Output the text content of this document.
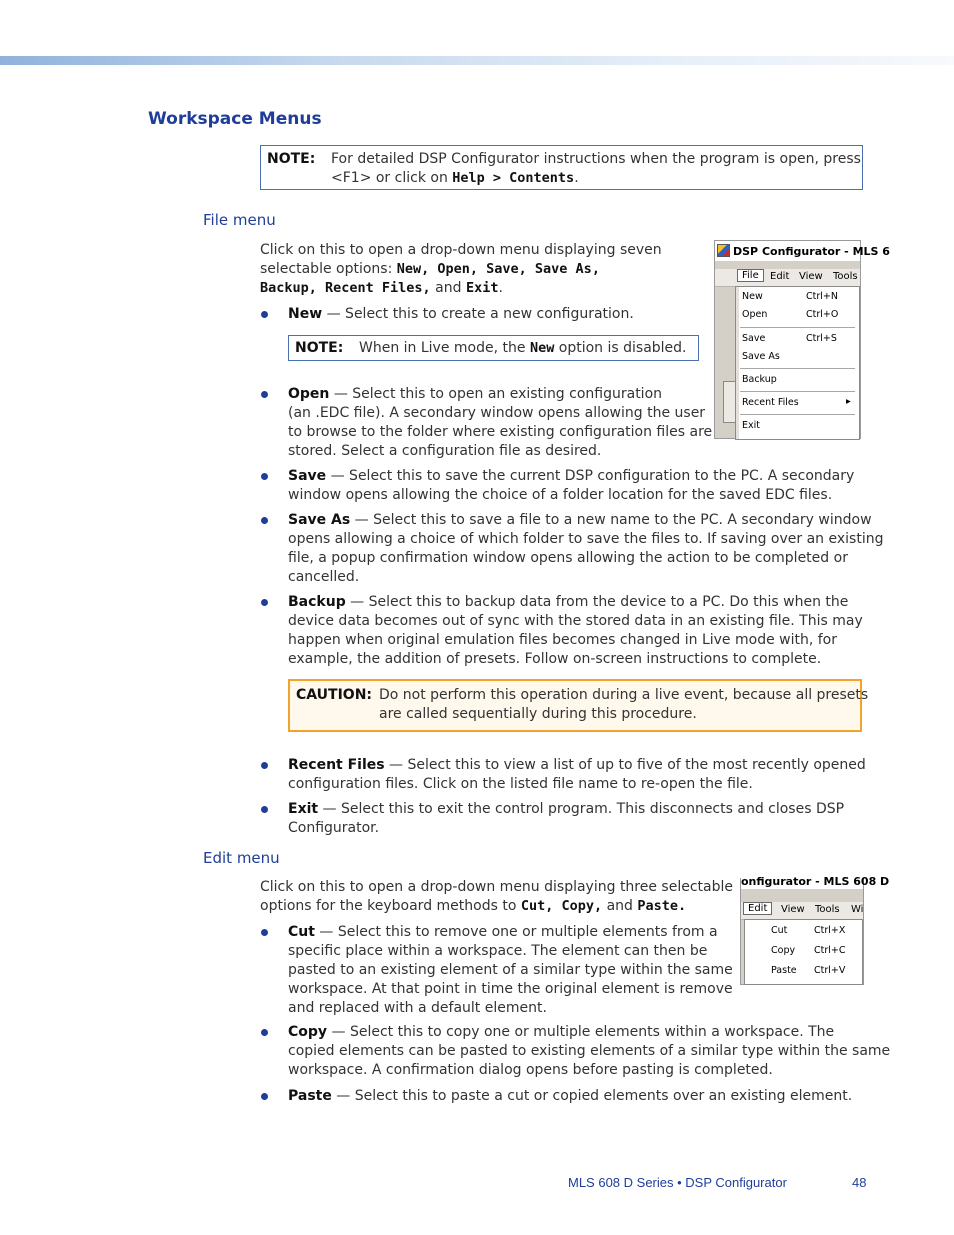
Workspace Menus
NOTE: For detailed DSP Configurator instructions when the program is open, press
<F1> or click on Help > Contents.
File menu
Click on this to open a drop-down menu displaying seven
selectable options: New, Open, Save, Save As,
Backup, Recent Files, and Exit.
New — Select this to create a new configuration.
NOTE: When in Live mode, the New option is disabled.
Open — Select this to open an existing configuration
(an .EDC file). A secondary window opens allowing the user
to browse to the folder where existing configuration files are
stored. Select a configuration file as desired.
Save — Select this to save the current DSP configuration to the PC. A secondary
window opens allowing the choice of a folder location for the saved EDC files.
Save As — Select this to save a file to a new name to the PC. A secondary window
opens allowing a choice of which folder to save the files to. If saving over an existing
file, a popup confirmation window opens allowing the action to be completed or
cancelled.
Backup — Select this to backup data from the device to a PC. Do this when the
device data becomes out of sync with the stored data in an existing file. This may
happen when original emulation files becomes changed in Live mode with, for
example, the addition of presets. Follow on-screen instructions to complete.
CAUTION: Do not perform this operation during a live event, because all presets
are called sequentially during this procedure.
Recent Files — Select this to view a list of up to five of the most recently opened
configuration files. Click on the listed file name to re-open the file.
Exit — Select this to exit the control program. This disconnects and closes DSP
Configurator.
DSP Configurator - MLS 6
File	Edit View Tools
New	Ctrl+N
Open	Ctrl+O
Save	Ctrl+S
Save As
Backup
Recent Files	▸
Exit
Edit menu
Click on this to open a drop-down menu displaying three selectable
options for the keyboard methods to Cut, Copy, and Paste.
Cut — Select this to remove one or multiple elements from a
specific place within a workspace. The element can then be
pasted to an existing element of a similar type within the same
workspace. At that point in time the original element is remove
and replaced with a default element.
Copy — Select this to copy one or multiple elements within a workspace. The
copied elements can be pasted to existing elements of a similar type within the same
workspace. A confirmation dialog opens before pasting is completed.
Paste — Select this to paste a cut or copied elements over an existing element.
onfigurator - MLS 608 D
Edit	View Tools Wi
Cut	Ctrl+X
Copy Ctrl+C
Paste Ctrl+V
MLS 608 D Series • DSP Configurator	48
